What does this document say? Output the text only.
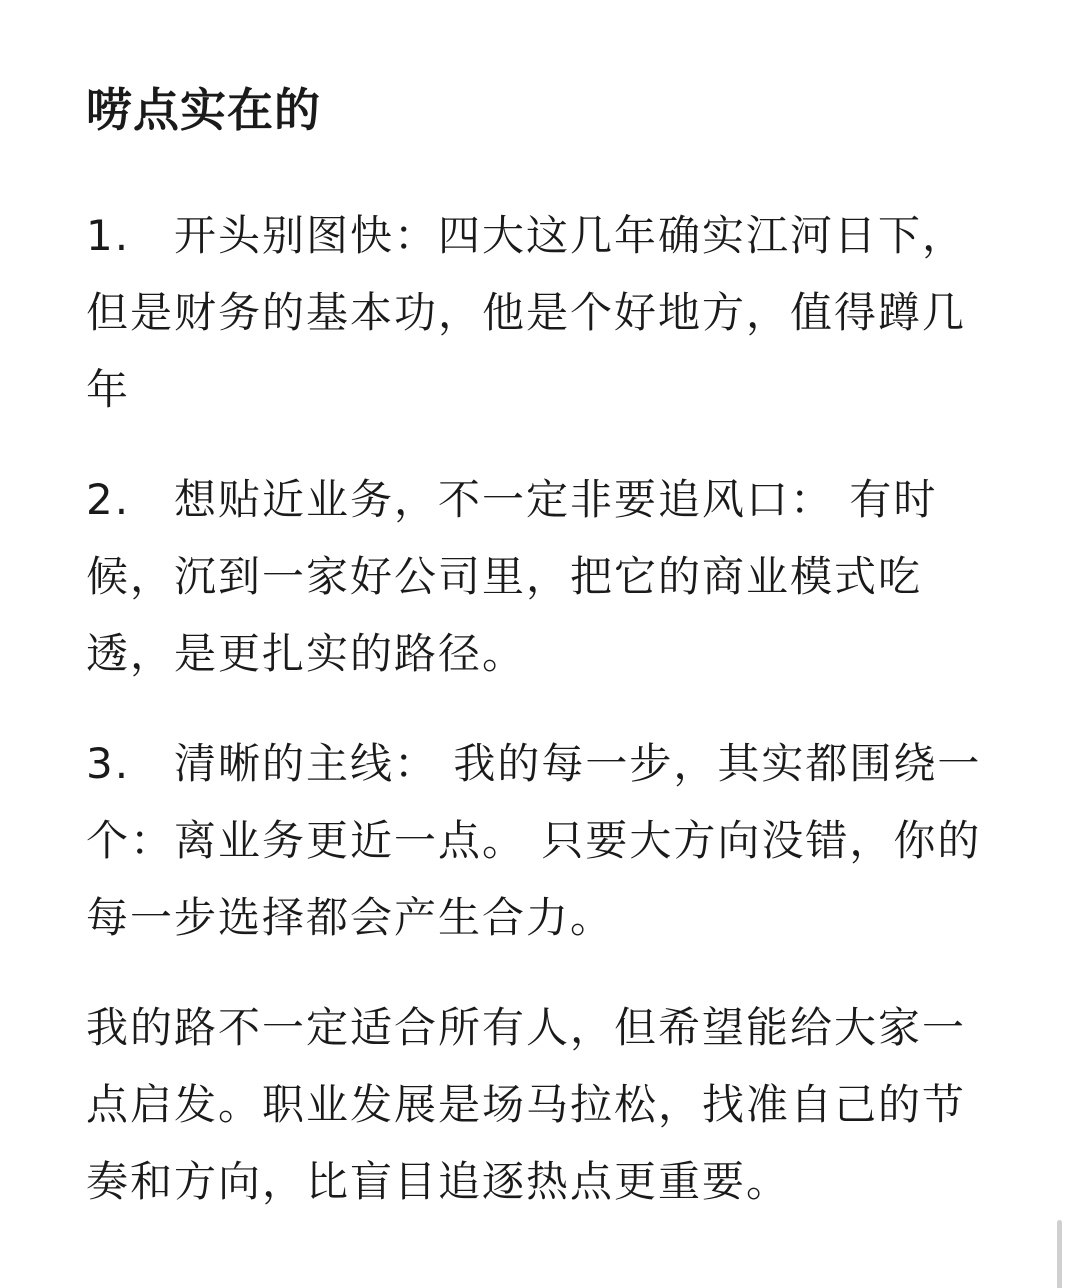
唠点实在的
1. 开头别图快：四大这几年确实江河日下，但是财务的基本功，他是个好地方，值得蹲几年
2. 想贴近业务，不一定非要追风口： 有时候，沉到一家好公司里，把它的商业模式吃透，是更扎实的路径。
3. 清晰的主线： 我的每一步，其实都围绕一个：离业务更近一点。 只要大方向没错，你的每一步选择都会产生合力。

我的路不一定适合所有人，但希望能给大家一点启发。职业发展是场马拉松，找准自己的节奏和方向，比盲目追逐热点更重要。
